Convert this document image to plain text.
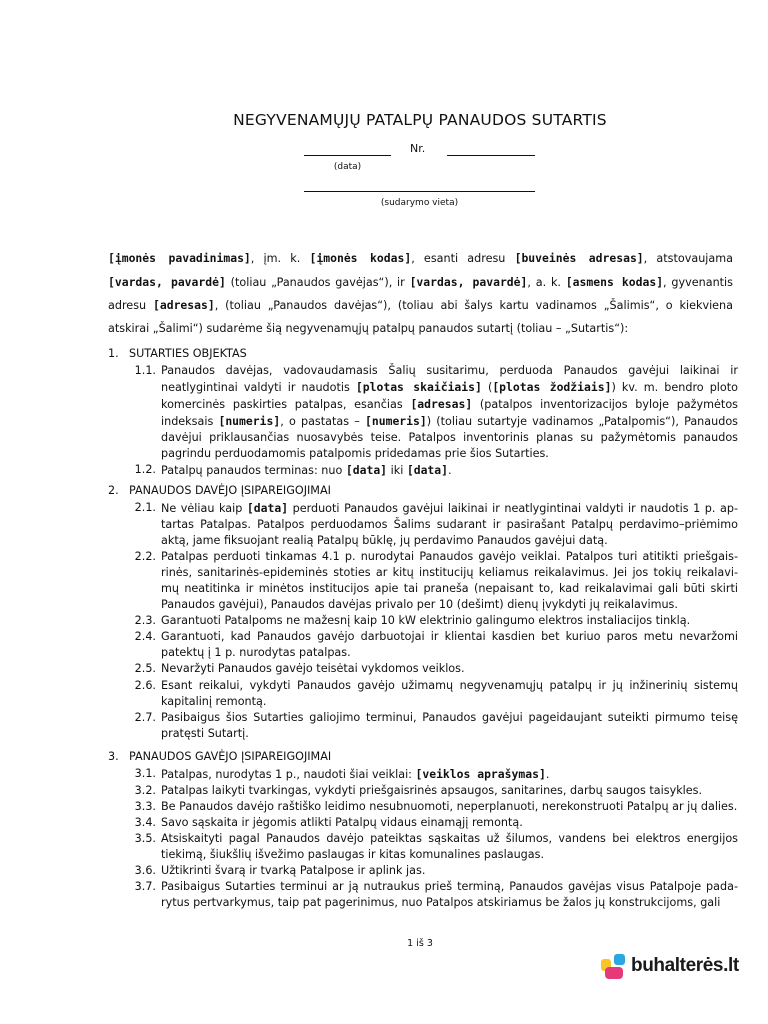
NEGYVENAMŲJŲ PATALPŲ PANAUDOS SUTARTIS
Nr.
(data)
(sudarymo vieta)
[įmonės pavadinimas], įm. k. [įmonės kodas], esanti adresu [buveinės adresas], atstovaujama [vardas, pavardė] (toliau „Panaudos gavėjas“), ir [vardas, pavardė], a. k. [asmens kodas], gyvenantis adresu [adresas], (toliau „Panaudos davėjas“), (toliau abi šalys kartu vadinamos „Šalimis“, o kiekviena atskirai „Šalimi“) sudarėme šią negyvenamųjų patalpų panaudos sutartį (toliau – „Sutartis“):
1. SUTARTIES OBJEKTAS
1.1. Panaudos davėjas, vadovaudamasis Šalių susitarimu, perduoda Panaudos gavėjui laikinai ir neatlygintinai valdyti ir naudotis [plotas skaičiais] ([plotas žodžiais]) kv. m. bendro ploto komercinės paskirties patalpas, esančias [adresas] (patalpos inventorizacijos byloje pažymėtos indeksais [numeris], o pastatas – [numeris]) (toliau sutartyje vadinamos „Patalpomis“), Panaudos davėjui priklausančias nuosavybės teise. Patalpos inventorinis planas su pažymėtomis panaudos pagrindu perduodamomis patalpomis pridedamas prie šios Sutarties.
1.2. Patalpų panaudos terminas: nuo [data] iki [data].
2. PANAUDOS DAVĖJO ĮSIPAREIGOJIMAI
2.1. Ne vėliau kaip [data] perduoti Panaudos gavėjui laikinai ir neatlygintinai valdyti ir naudotis 1 p. ap- tartas Patalpas. Patalpos perduodamos Šalims sudarant ir pasirašant Patalpų perdavimo–priėmimo aktą, jame fiksuojant realią Patalpų būklę, jų perdavimo Panaudos gavėjui datą.
2.2. Patalpas perduoti tinkamas 4.1 p. nurodytai Panaudos gavėjo veiklai. Patalpos turi atitikti priešgais- rinės, sanitarinės-epideminės stoties ar kitų institucijų keliamus reikalavimus. Jei jos tokių reikalavi- mų neatitinka ir minėtos institucijos apie tai praneša (nepaisant to, kad reikalavimai gali būti skirti Panaudos gavėjui), Panaudos davėjas privalo per 10 (dešimt) dienų įvykdyti jų reikalavimus.
2.3. Garantuoti Patalpoms ne mažesnį kaip 10 kW elektrinio galingumo elektros instaliacijos tinklą.
2.4. Garantuoti, kad Panaudos gavėjo darbuotojai ir klientai kasdien bet kuriuo paros metu nevaržomi patektų į 1 p. nurodytas patalpas.
2.5. Nevaržyti Panaudos gavėjo teisėtai vykdomos veiklos.
2.6. Esant reikalui, vykdyti Panaudos gavėjo užimamų negyvenamųjų patalpų ir jų inžinerinių sistemų kapitalinį remontą.
2.7. Pasibaigus šios Sutarties galiojimo terminui, Panaudos gavėjui pageidaujant suteikti pirmumo teisę pratęsti Sutartį.
3. PANAUDOS GAVĖJO ĮSIPAREIGOJIMAI
3.1. Patalpas, nurodytas 1 p., naudoti šiai veiklai: [veiklos aprašymas].
3.2. Patalpas laikyti tvarkingas, vykdyti priešgaisrinės apsaugos, sanitarines, darbų saugos taisykles.
3.3. Be Panaudos davėjo raštiško leidimo nesubnuomoti, neperplanuoti, nerekonstruoti Patalpų ar jų dalies.
3.4. Savo sąskaita ir jėgomis atlikti Patalpų vidaus einamąjį remontą.
3.5. Atsiskaityti pagal Panaudos davėjo pateiktas sąskaitas už šilumos, vandens bei elektros energijos tiekimą, šiukšlių išvežimo paslaugas ir kitas komunalines paslaugas.
3.6. Užtikrinti švarą ir tvarką Patalpose ir aplink jas.
3.7. Pasibaigus Sutarties terminui ar ją nutraukus prieš terminą, Panaudos gavėjas visus Patalpoje pada- rytus pertvarkymus, taip pat pagerinimus, nuo Patalpos atskiriamus be žalos jų konstrukcijoms, gali
1 iš 3
buhalterės.lt
